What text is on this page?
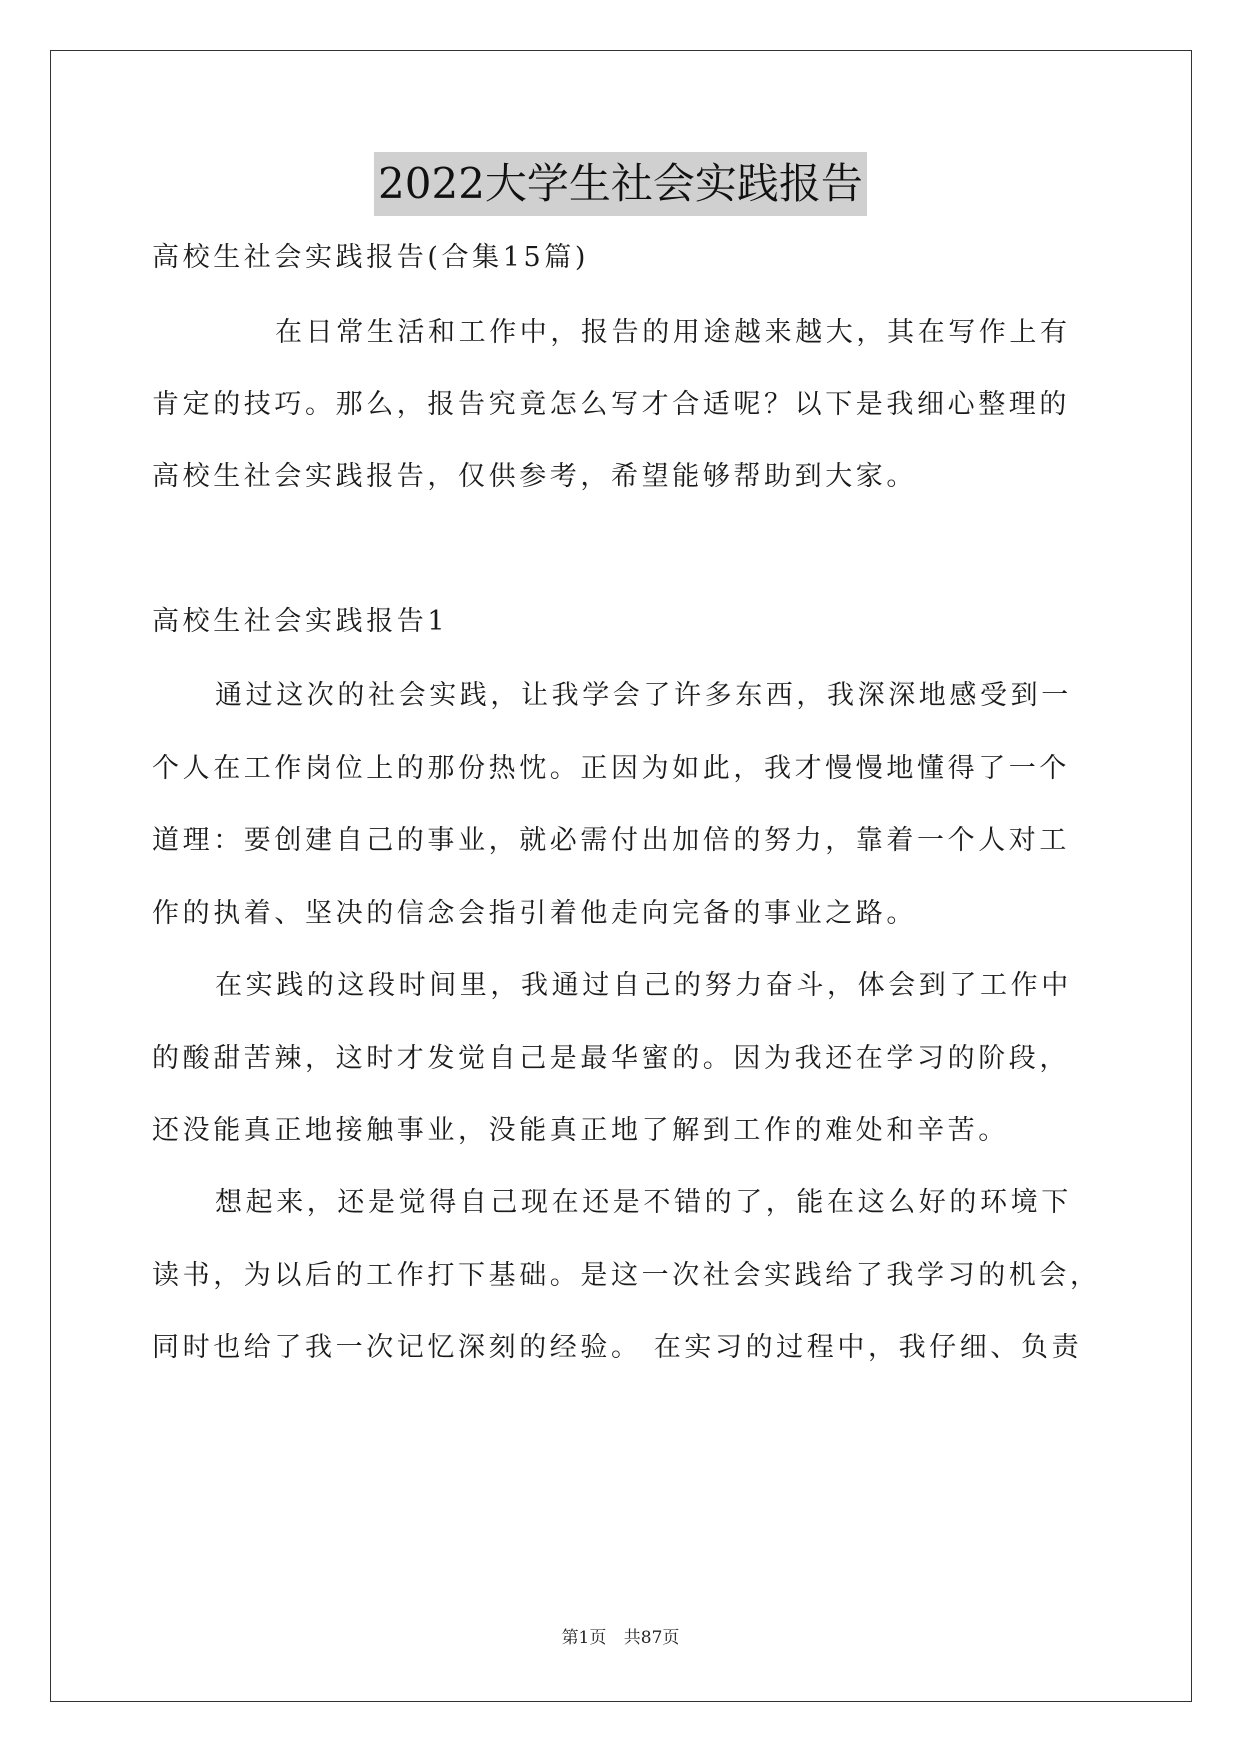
2022大学生社会实践报告
高校生社会实践报告(合集15篇)
在日常生活和工作中，报告的用途越来越大，其在写作上有
肯定的技巧。那么，报告究竟怎么写才合适呢？以下是我细心整理的
高校生社会实践报告，仅供参考，希望能够帮助到大家。
高校生社会实践报告1
通过这次的社会实践，让我学会了许多东西，我深深地感受到一
个人在工作岗位上的那份热忱。正因为如此，我才慢慢地懂得了一个
道理：要创建自己的事业，就必需付出加倍的努力，靠着一个人对工
作的执着、坚决的信念会指引着他走向完备的事业之路。
在实践的这段时间里，我通过自己的努力奋斗，体会到了工作中
的酸甜苦辣，这时才发觉自己是最华蜜的。因为我还在学习的阶段，
还没能真正地接触事业，没能真正地了解到工作的难处和辛苦。
想起来，还是觉得自己现在还是不错的了，能在这么好的环境下
读书，为以后的工作打下基础。是这一次社会实践给了我学习的机会，
同时也给了我一次记忆深刻的经验。 在实习的过程中，我仔细、负责
第1页 共87页
